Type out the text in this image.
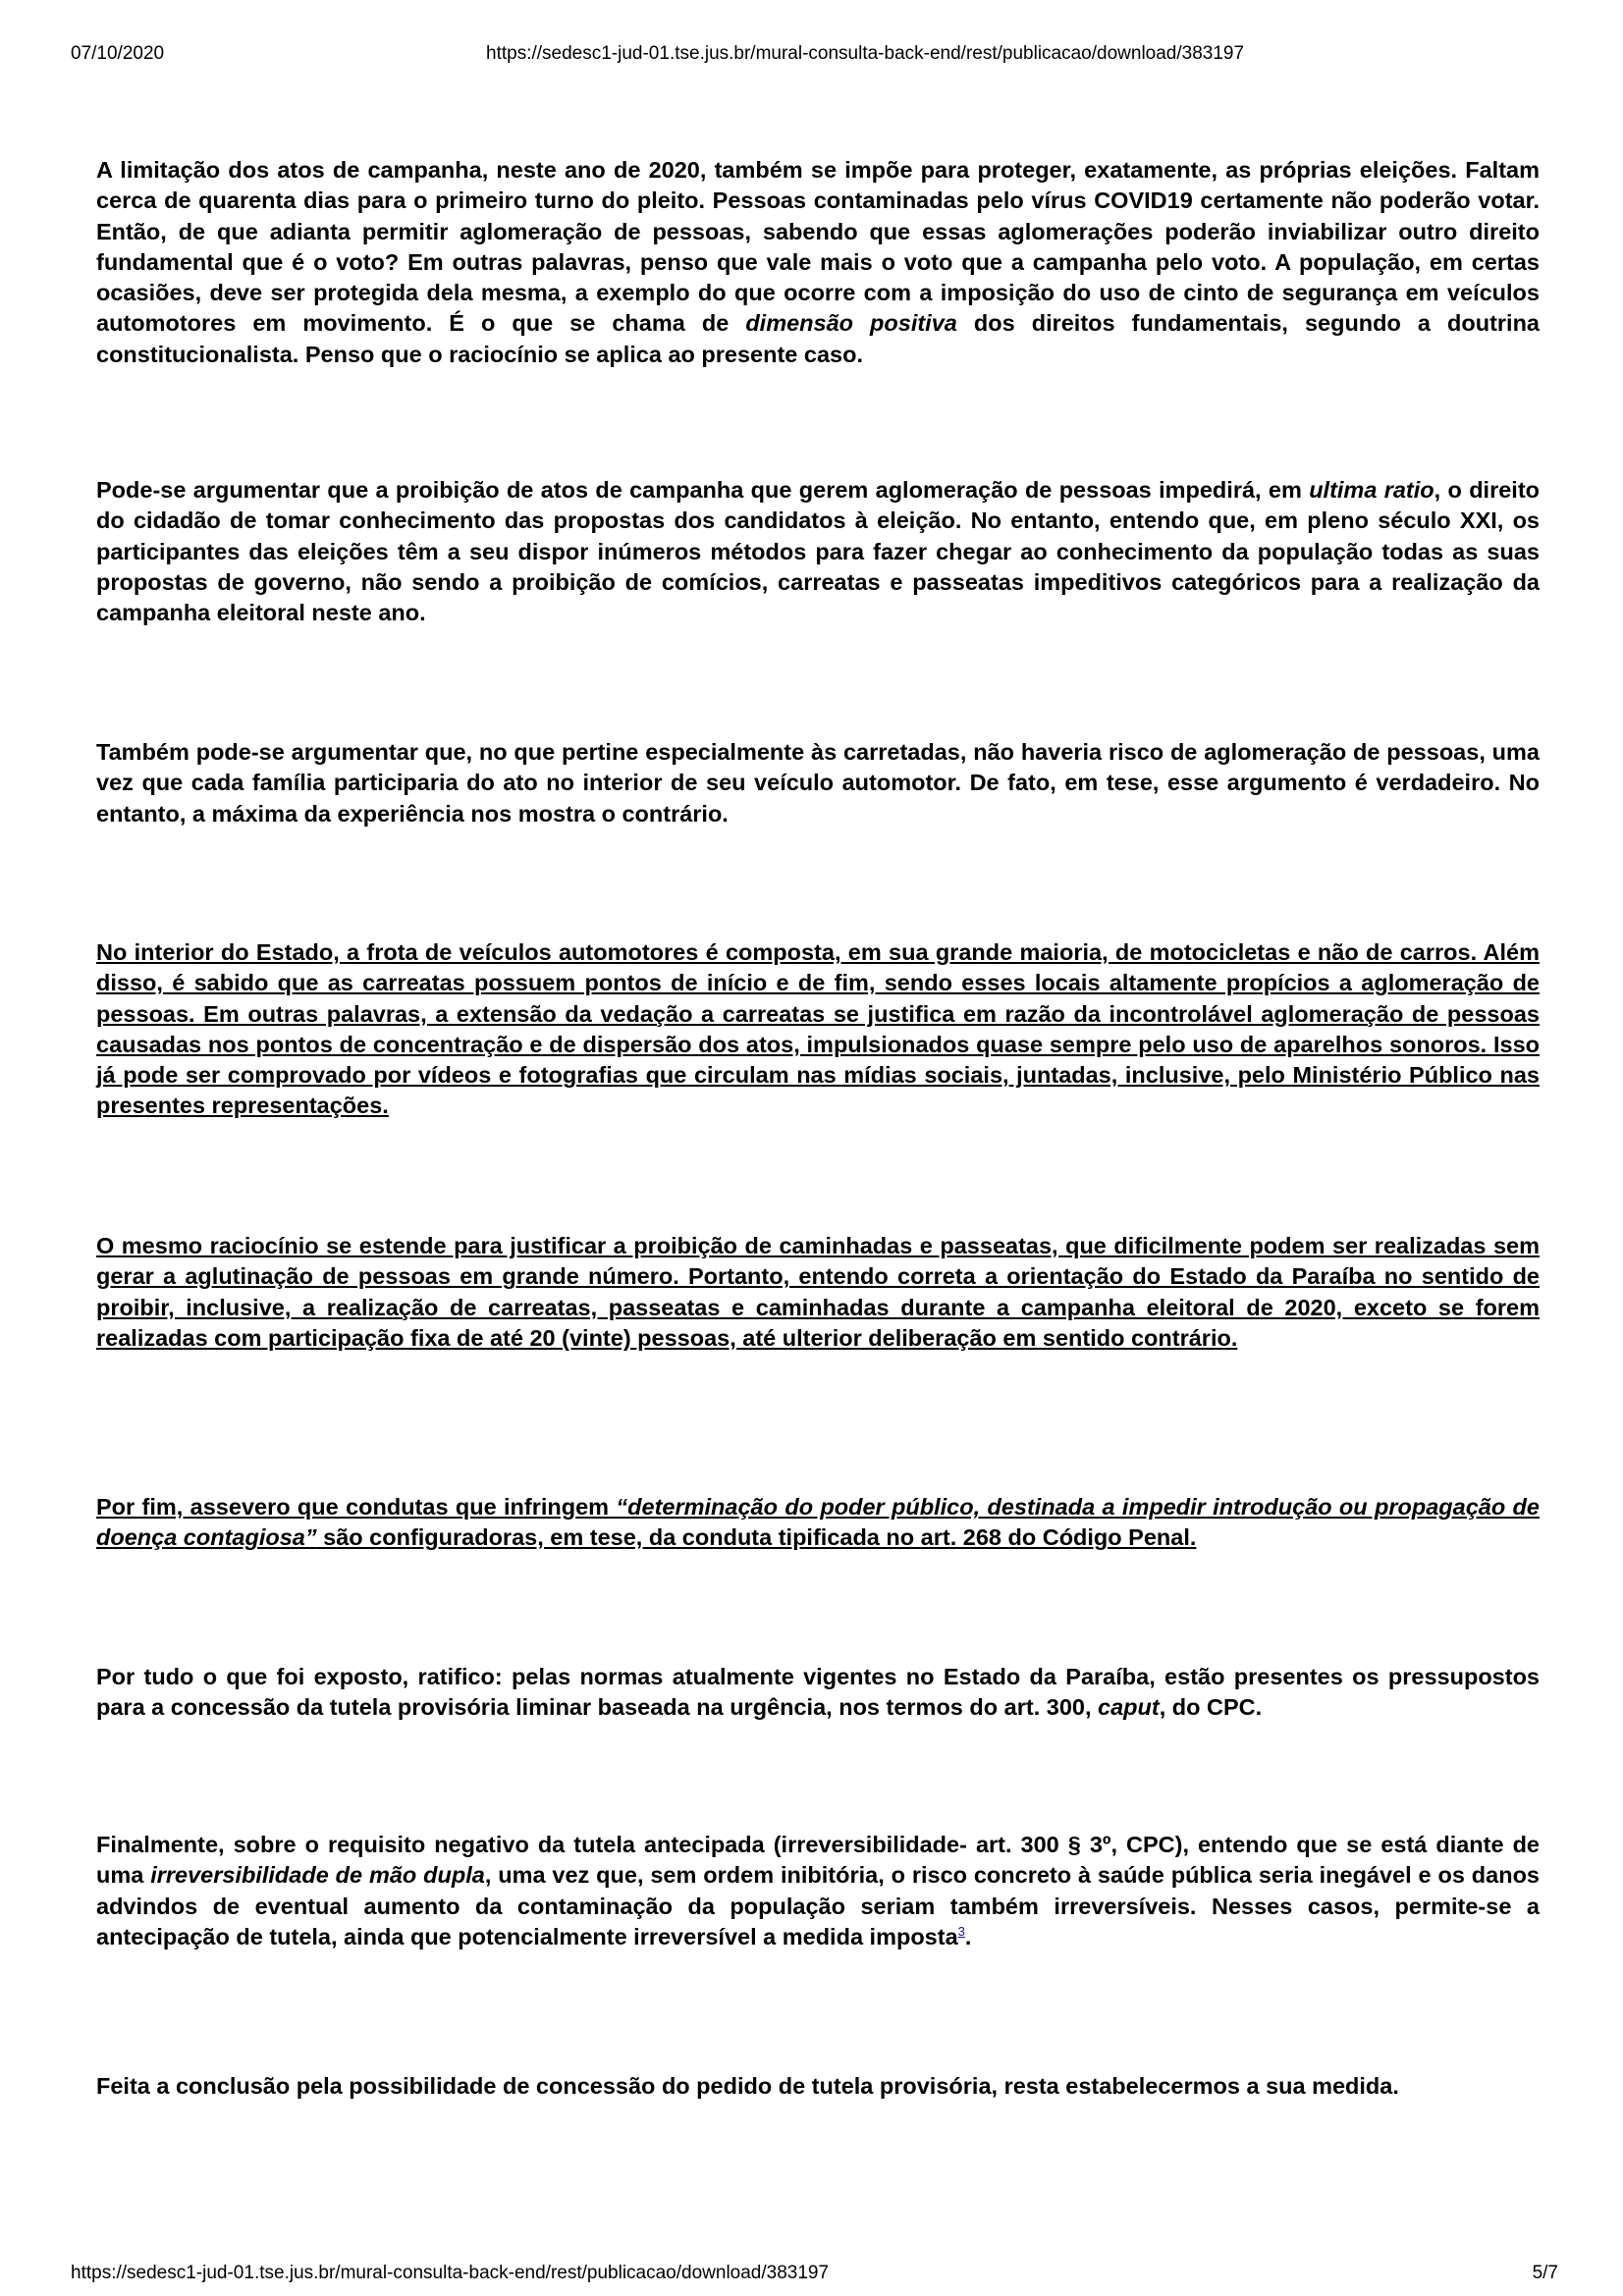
07/10/2020	https://sedesc1-jud-01.tse.jus.br/mural-consulta-back-end/rest/publicacao/download/383197

A limitação dos atos de campanha, neste ano de 2020, também se impõe para proteger, exatamente, as próprias eleições. Faltam cerca de quarenta dias para o primeiro turno do pleito. Pessoas contaminadas pelo vírus COVID19 certamente não poderão votar. Então, de que adianta permitir aglomeração de pessoas, sabendo que essas aglomerações poderão inviabilizar outro direito fundamental que é o voto? Em outras palavras, penso que vale mais o voto que a campanha pelo voto. A população, em certas ocasiões, deve ser protegida dela mesma, a exemplo do que ocorre com a imposição do uso de cinto de segurança em veículos automotores em movimento. É o que se chama de dimensão positiva dos direitos fundamentais, segundo a doutrina constitucionalista. Penso que o raciocínio se aplica ao presente caso.

Pode-se argumentar que a proibição de atos de campanha que gerem aglomeração de pessoas impedirá, em ultima ratio, o direito do cidadão de tomar conhecimento das propostas dos candidatos à eleição. No entanto, entendo que, em pleno século XXI, os participantes das eleições têm a seu dispor inúmeros métodos para fazer chegar ao conhecimento da população todas as suas propostas de governo, não sendo a proibição de comícios, carreatas e passeatas impeditivos categóricos para a realização da campanha eleitoral neste ano.

Também pode-se argumentar que, no que pertine especialmente às carretadas, não haveria risco de aglomeração de pessoas, uma vez que cada família participaria do ato no interior de seu veículo automotor. De fato, em tese, esse argumento é verdadeiro. No entanto, a máxima da experiência nos mostra o contrário.

No interior do Estado, a frota de veículos automotores é composta, em sua grande maioria, de motocicletas e não de carros. Além disso, é sabido que as carreatas possuem pontos de início e de fim, sendo esses locais altamente propícios a aglomeração de pessoas. Em outras palavras, a extensão da vedação a carreatas se justifica em razão da incontrolável aglomeração de pessoas causadas nos pontos de concentração e de dispersão dos atos, impulsionados quase sempre pelo uso de aparelhos sonoros. Isso já pode ser comprovado por vídeos e fotografias que circulam nas mídias sociais, juntadas, inclusive, pelo Ministério Público nas presentes representações.

O mesmo raciocínio se estende para justificar a proibição de caminhadas e passeatas, que dificilmente podem ser realizadas sem gerar a aglutinação de pessoas em grande número. Portanto, entendo correta a orientação do Estado da Paraíba no sentido de proibir, inclusive, a realização de carreatas, passeatas e caminhadas durante a campanha eleitoral de 2020, exceto se forem realizadas com participação fixa de até 20 (vinte) pessoas, até ulterior deliberação em sentido contrário.

Por fim, assevero que condutas que infringem “determinação do poder público, destinada a impedir introdução ou propagação de doença contagiosa” são configuradoras, em tese, da conduta tipificada no art. 268 do Código Penal.

Por tudo o que foi exposto, ratifico: pelas normas atualmente vigentes no Estado da Paraíba, estão presentes os pressupostos para a concessão da tutela provisória liminar baseada na urgência, nos termos do art. 300, caput, do CPC.

Finalmente, sobre o requisito negativo da tutela antecipada (irreversibilidade- art. 300 § 3º, CPC), entendo que se está diante de uma irreversibilidade de mão dupla, uma vez que, sem ordem inibitória, o risco concreto à saúde pública seria inegável e os danos advindos de eventual aumento da contaminação da população seriam também irreversíveis. Nesses casos, permite-se a antecipação de tutela, ainda que potencialmente irreversível a medida imposta$^3$.

Feita a conclusão pela possibilidade de concessão do pedido de tutela provisória, resta estabelecermos a sua medida.

https://sedesc1-jud-01.tse.jus.br/mural-consulta-back-end/rest/publicacao/download/383197	5/7
